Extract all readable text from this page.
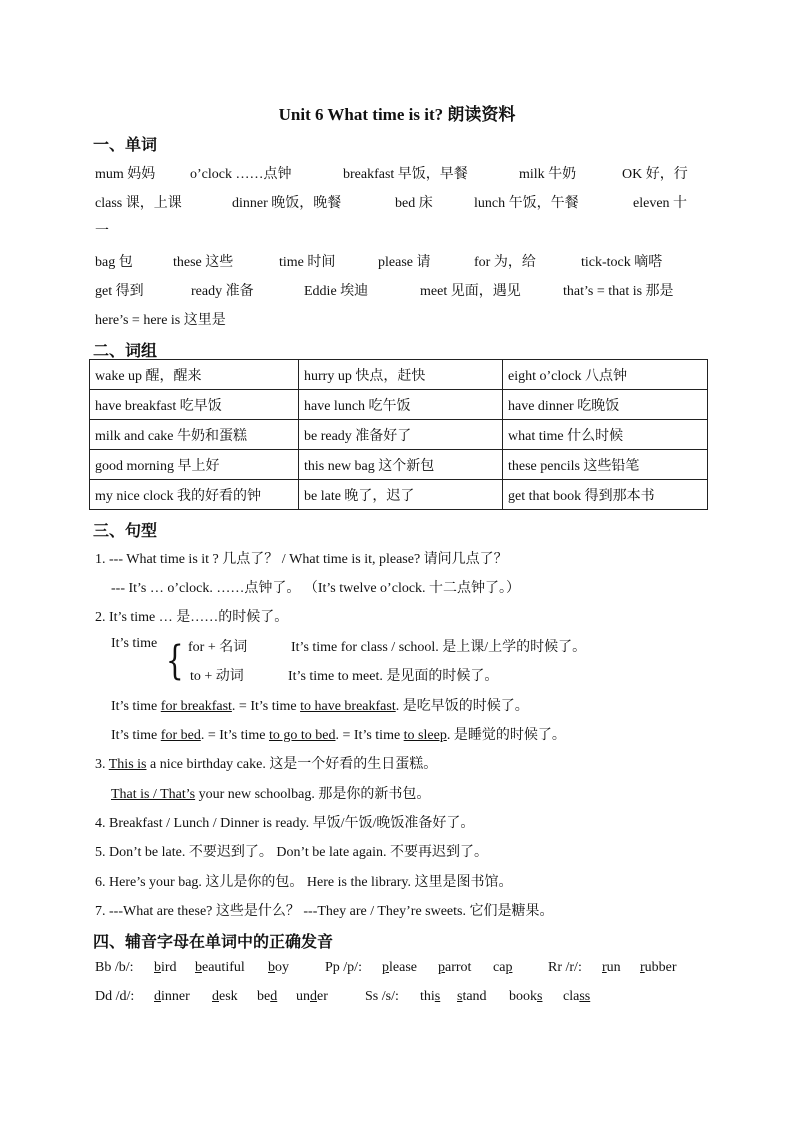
Unit 6 What time is it? 朗读资料
一、单词
mum 妈妈 o’clock ……点钟	breakfast 早饭，早餐	milk 牛奶	OK 好，行
class 课，上课	dinner 晚饭，晚餐	bed 床	lunch 午饭，午餐	eleven 十
一
bag 包	these 这些	time 时间	please 请	for 为，给	tick-tock 嘀嗒
get 得到	ready 准备	Eddie 埃迪	meet 见面，遇见	that’s = that is 那是
here’s = here is 这里是
二、词组
wake up 醒，醒来	hurry up 快点，赶快	eight o’clock 八点钟
have breakfast 吃早饭	have lunch 吃午饭	have dinner 吃晚饭
milk and cake 牛奶和蛋糕	be ready 准备好了	what time 什么时候
good morning 早上好	this new bag 这个新包	these pencils 这些铅笔
my nice clock 我的好看的钟	be late 晚了，迟了	get that book 得到那本书
三、句型
1. --- What time is it ? 几点了？ / What time is it, please? 请问几点了？
--- It’s … o’clock. ……点钟了。 （It’s twelve o’clock. 十二点钟了。）
2. It’s time … 是……的时候了。
It’s time { for + 名词	It’s time for class / school. 是上课/上学的时候了。
to + 动词	It’s time to meet. 是见面的时候了。
It’s time for breakfast. = It’s time to have breakfast. 是吃早饭的时候了。
It’s time for bed. = It’s time to go to bed. = It’s time to sleep. 是睡觉的时候了。
3. This is a nice birthday cake. 这是一个好看的生日蛋糕。
That is / That’s your new schoolbag. 那是你的新书包。
4. Breakfast / Lunch / Dinner is ready. 早饭/午饭/晚饭准备好了。
5. Don’t be late. 不要迟到了。 Don’t be late again. 不要再迟到了。
6. Here’s your bag. 这儿是你的包。 Here is the library. 这里是图书馆。
7. ---What are these? 这些是什么？ ---They are / They’re sweets. 它们是糖果。
四、辅音字母在单词中的正确发音
Bb /b/: bird beautiful boy	Pp /p/: please parrot cap	Rr /r/: run rubber
Dd /d/: dinner desk bed under	Ss /s/: this stand books class
